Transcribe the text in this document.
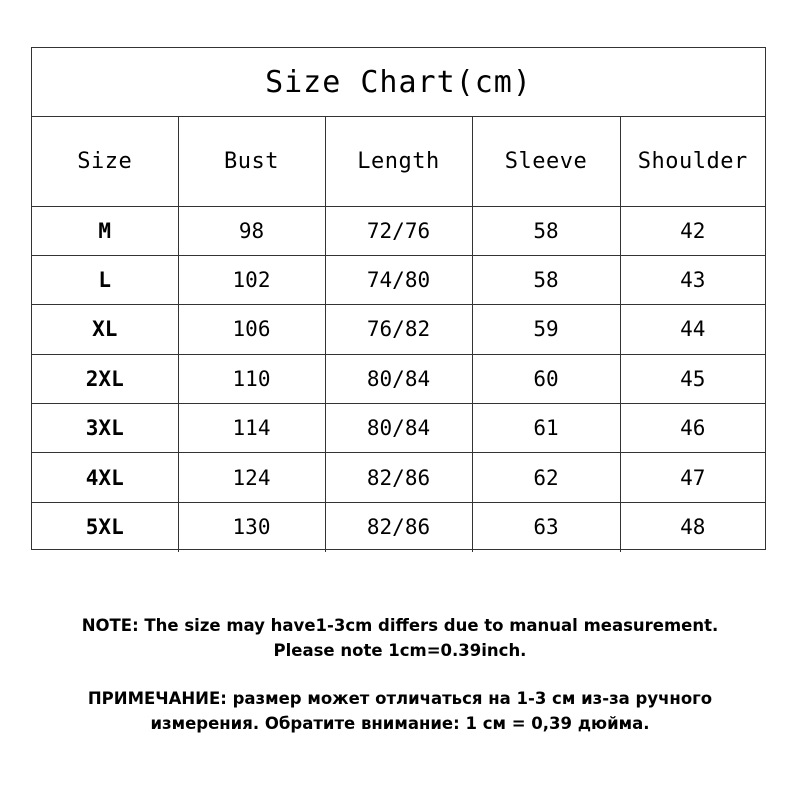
Size Chart(cm)
Size	Bust	Length	Sleeve	Shoulder
M	98	72/76	58	42
L	102	74/80	58	43
XL	106	76/82	59	44
2XL	110	80/84	60	45
3XL	114	80/84	61	46
4XL	124	82/86	62	47
5XL	130	82/86	63	48
NOTE: The size may have1-3cm differs due to manual measurement.
Please note 1cm=0.39inch.
ПРИМЕЧАНИЕ: размер может отличаться на 1-3 см из-за ручного
измерения. Обратите внимание: 1 см = 0,39 дюйма.
